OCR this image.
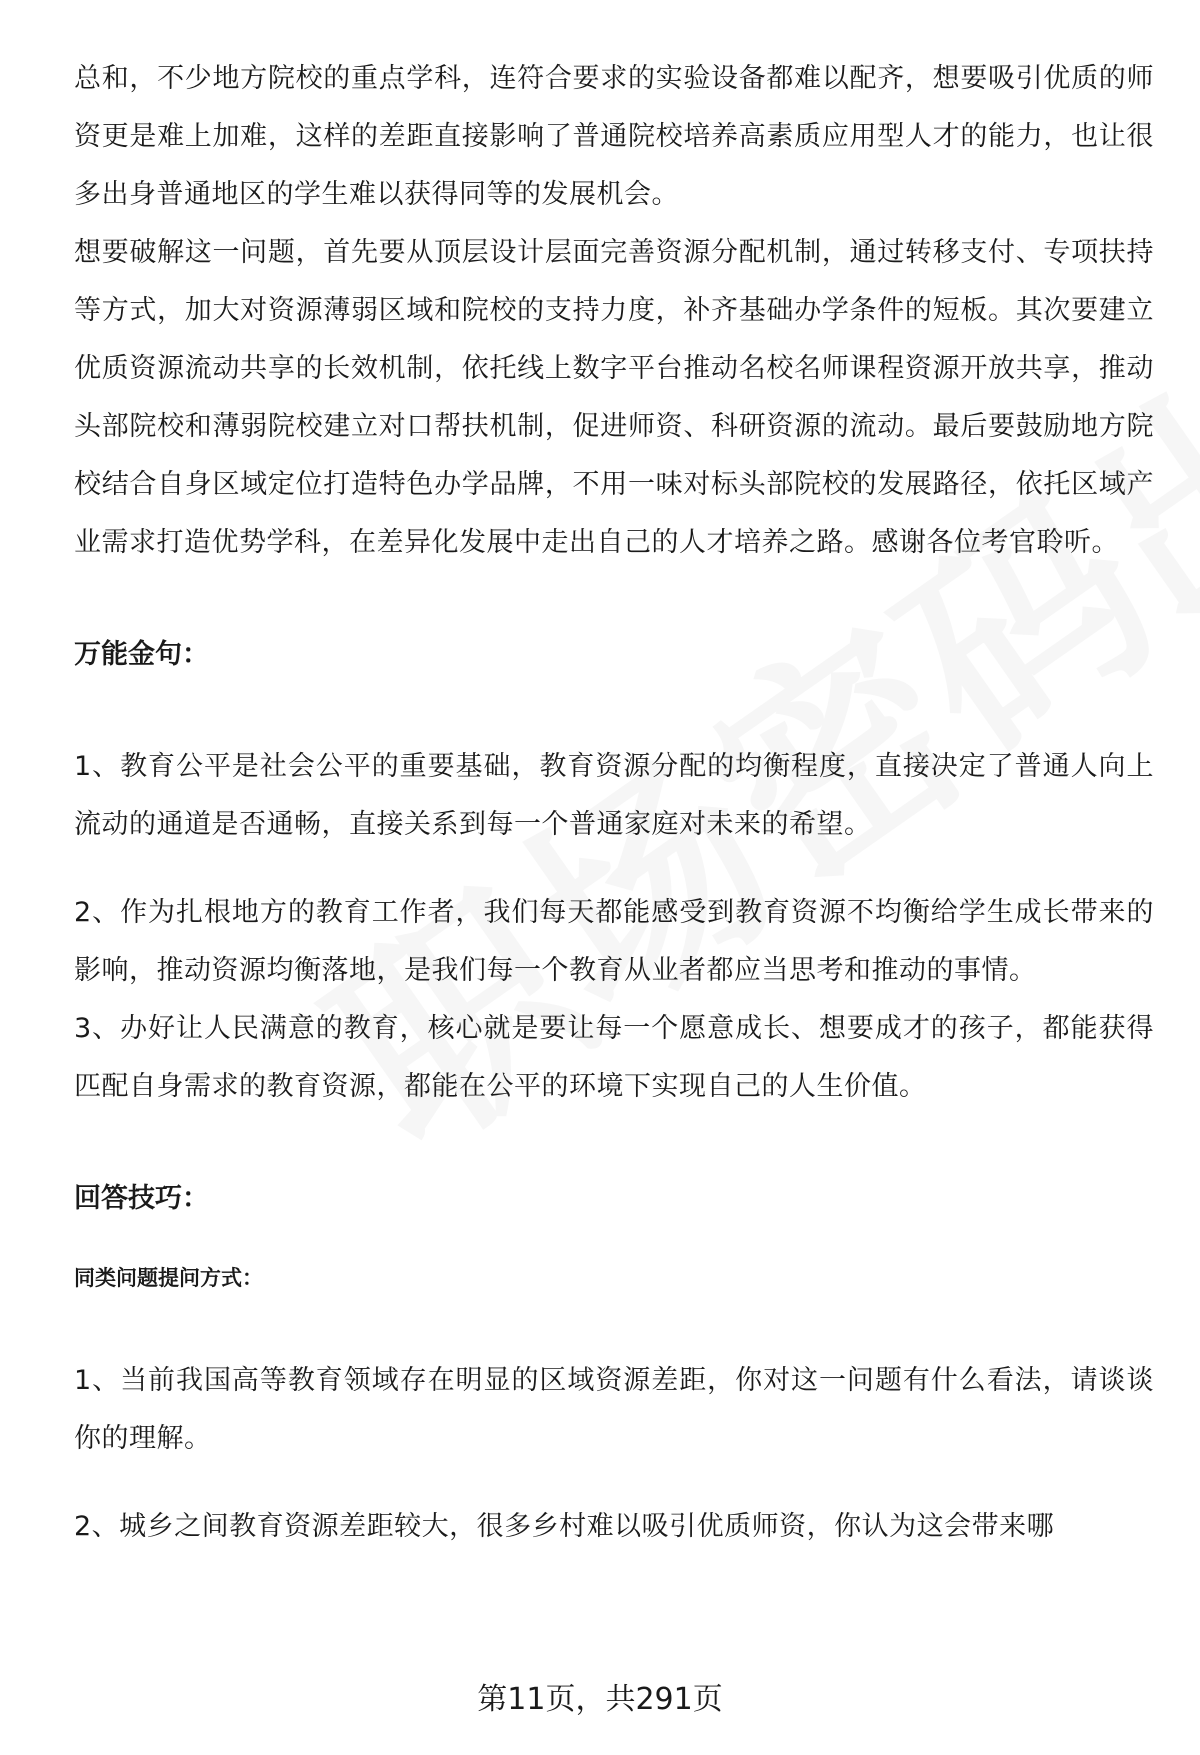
总和，不少地方院校的重点学科，连符合要求的实验设备都难以配齐，想要吸引优质的师资更是难上加难，这样的差距直接影响了普通院校培养高素质应用型人才的能力，也让很多出身普通地区的学生难以获得同等的发展机会。

想要破解这一问题，首先要从顶层设计层面完善资源分配机制，通过转移支付、专项扶持等方式，加大对资源薄弱区域和院校的支持力度，补齐基础办学条件的短板。其次要建立优质资源流动共享的长效机制，依托线上数字平台推动名校名师课程资源开放共享，推动头部院校和薄弱院校建立对口帮扶机制，促进师资、科研资源的流动。最后要鼓励地方院校结合自身区域定位打造特色办学品牌，不用一味对标头部院校的发展路径，依托区域产业需求打造优势学科，在差异化发展中走出自己的人才培养之路。感谢各位考官聆听。

万能金句：

1、教育公平是社会公平的重要基础，教育资源分配的均衡程度，直接决定了普通人向上流动的通道是否通畅，直接关系到每一个普通家庭对未来的希望。

2、作为扎根地方的教育工作者，我们每天都能感受到教育资源不均衡给学生成长带来的影响，推动资源均衡落地，是我们每一个教育从业者都应当思考和推动的事情。

3、办好让人民满意的教育，核心就是要让每一个愿意成长、想要成才的孩子，都能获得匹配自身需求的教育资源，都能在公平的环境下实现自己的人生价值。

回答技巧：

同类问题提问方式：

1、当前我国高等教育领域存在明显的区域资源差距，你对这一问题有什么看法，请谈谈你的理解。

2、城乡之间教育资源差距较大，很多乡村难以吸引优质师资，你认为这会带来哪

第11页，共291页
